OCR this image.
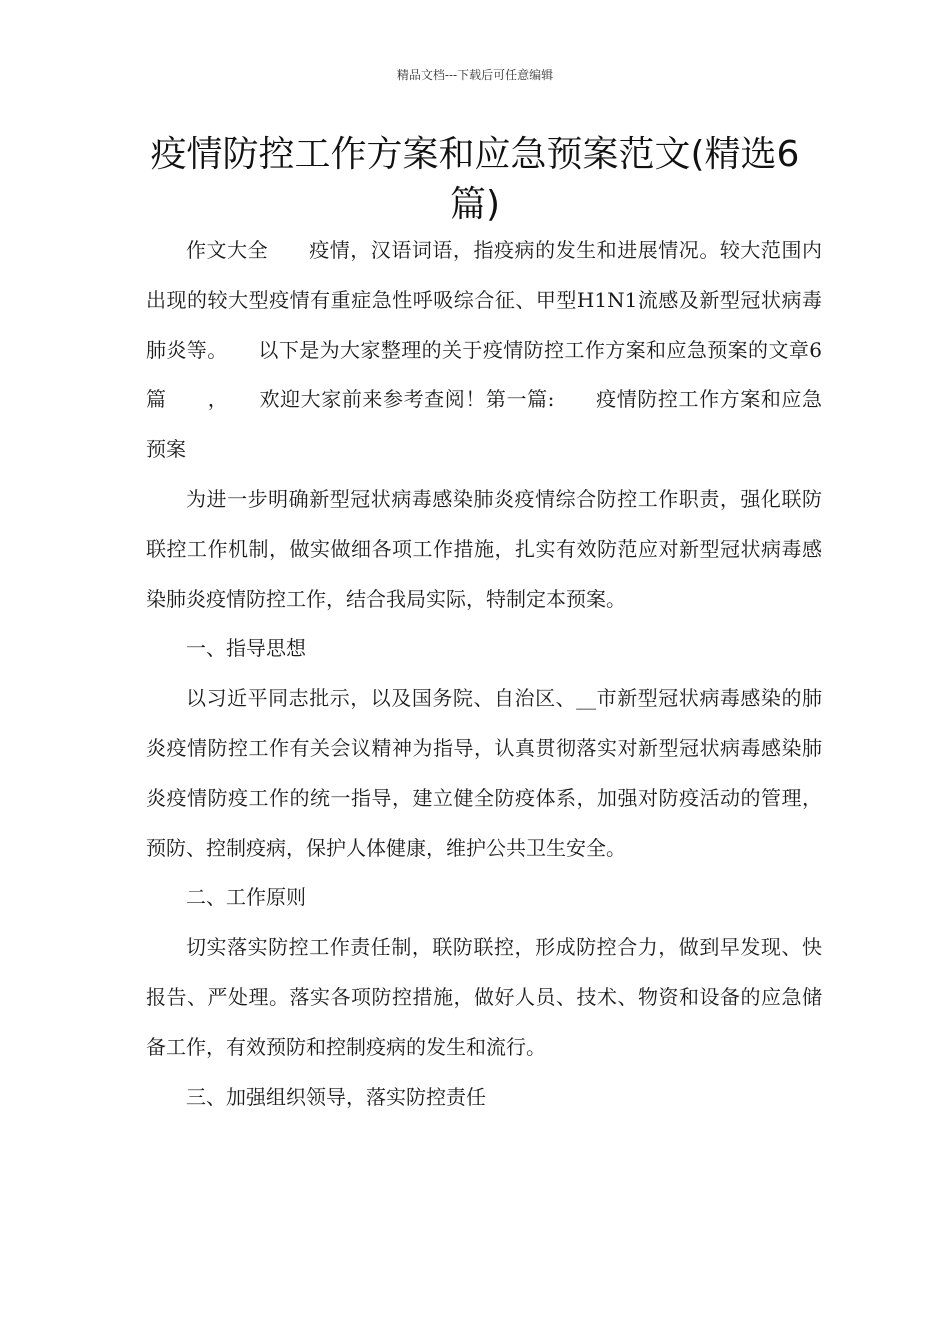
精品文档---下载后可任意编辑
疫情防控工作方案和应急预案范文(精选6篇)

作文大全　　疫情，汉语词语，指疫病的发生和进展情况。较大范围内出现的较大型疫情有重症急性呼吸综合征、甲型H1N1流感及新型冠状病毒肺炎等。　　以下是为大家整理的关于疫情防控工作方案和应急预案的文章6篇　　，　　欢迎大家前来参考查阅！第一篇:　　疫情防控工作方案和应急预案

为进一步明确新型冠状病毒感染肺炎疫情综合防控工作职责，强化联防联控工作机制，做实做细各项工作措施，扎实有效防范应对新型冠状病毒感染肺炎疫情防控工作，结合我局实际，特制定本预案。

一、指导思想

以习近平同志批示，以及国务院、自治区、__市新型冠状病毒感染的肺炎疫情防控工作有关会议精神为指导，认真贯彻落实对新型冠状病毒感染肺炎疫情防疫工作的统一指导，建立健全防疫体系，加强对防疫活动的管理，预防、控制疫病，保护人体健康，维护公共卫生安全。

二、工作原则

切实落实防控工作责任制，联防联控，形成防控合力，做到早发现、快报告、严处理。落实各项防控措施，做好人员、技术、物资和设备的应急储备工作，有效预防和控制疫病的发生和流行。

三、加强组织领导，落实防控责任
